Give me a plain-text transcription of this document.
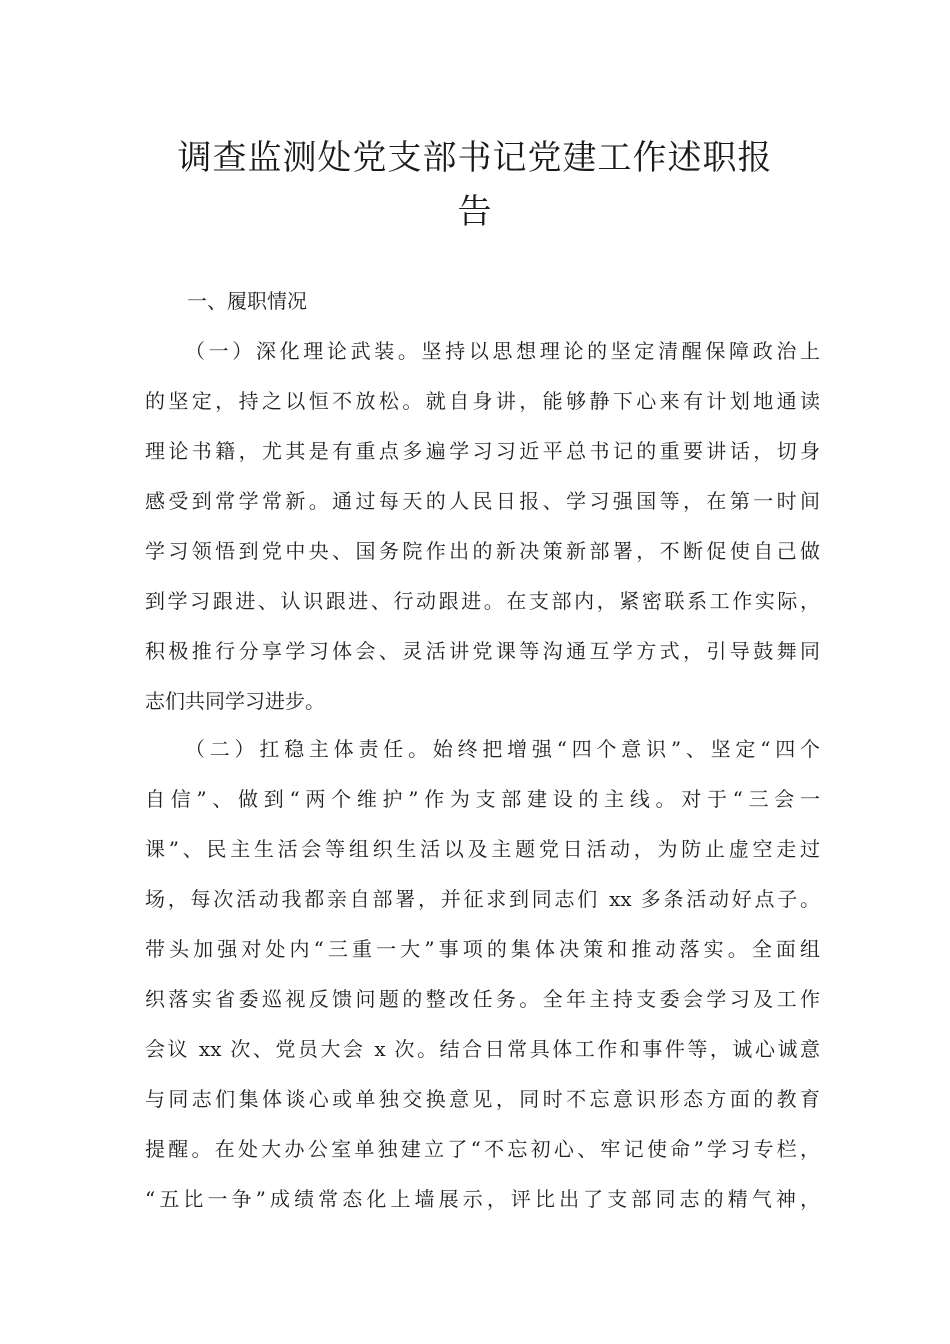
调查监测处党支部书记党建工作述职报
告
一、履职情况
（一）深化理论武装。坚持以思想理论的坚定清醒保障政治上
的坚定，持之以恒不放松。就自身讲，能够静下心来有计划地通读
理论书籍，尤其是有重点多遍学习习近平总书记的重要讲话，切身
感受到常学常新。通过每天的人民日报、学习强国等，在第一时间
学习领悟到党中央、国务院作出的新决策新部署，不断促使自己做
到学习跟进、认识跟进、行动跟进。在支部内，紧密联系工作实际，
积极推行分享学习体会、灵活讲党课等沟通互学方式，引导鼓舞同
志们共同学习进步。
（二）扛稳主体责任。始终把增强“四个意识”、坚定“四个
自信”、做到“两个维护”作为支部建设的主线。对于“三会一
课”、民主生活会等组织生活以及主题党日活动，为防止虚空走过
场，每次活动我都亲自部署，并征求到同志们 xx 多条活动好点子。
带头加强对处内“三重一大”事项的集体决策和推动落实。全面组
织落实省委巡视反馈问题的整改任务。全年主持支委会学习及工作
会议 xx 次、党员大会 x 次。结合日常具体工作和事件等，诚心诚意
与同志们集体谈心或单独交换意见，同时不忘意识形态方面的教育
提醒。在处大办公室单独建立了“不忘初心、牢记使命”学习专栏，
“五比一争”成绩常态化上墙展示，评比出了支部同志的精气神，
